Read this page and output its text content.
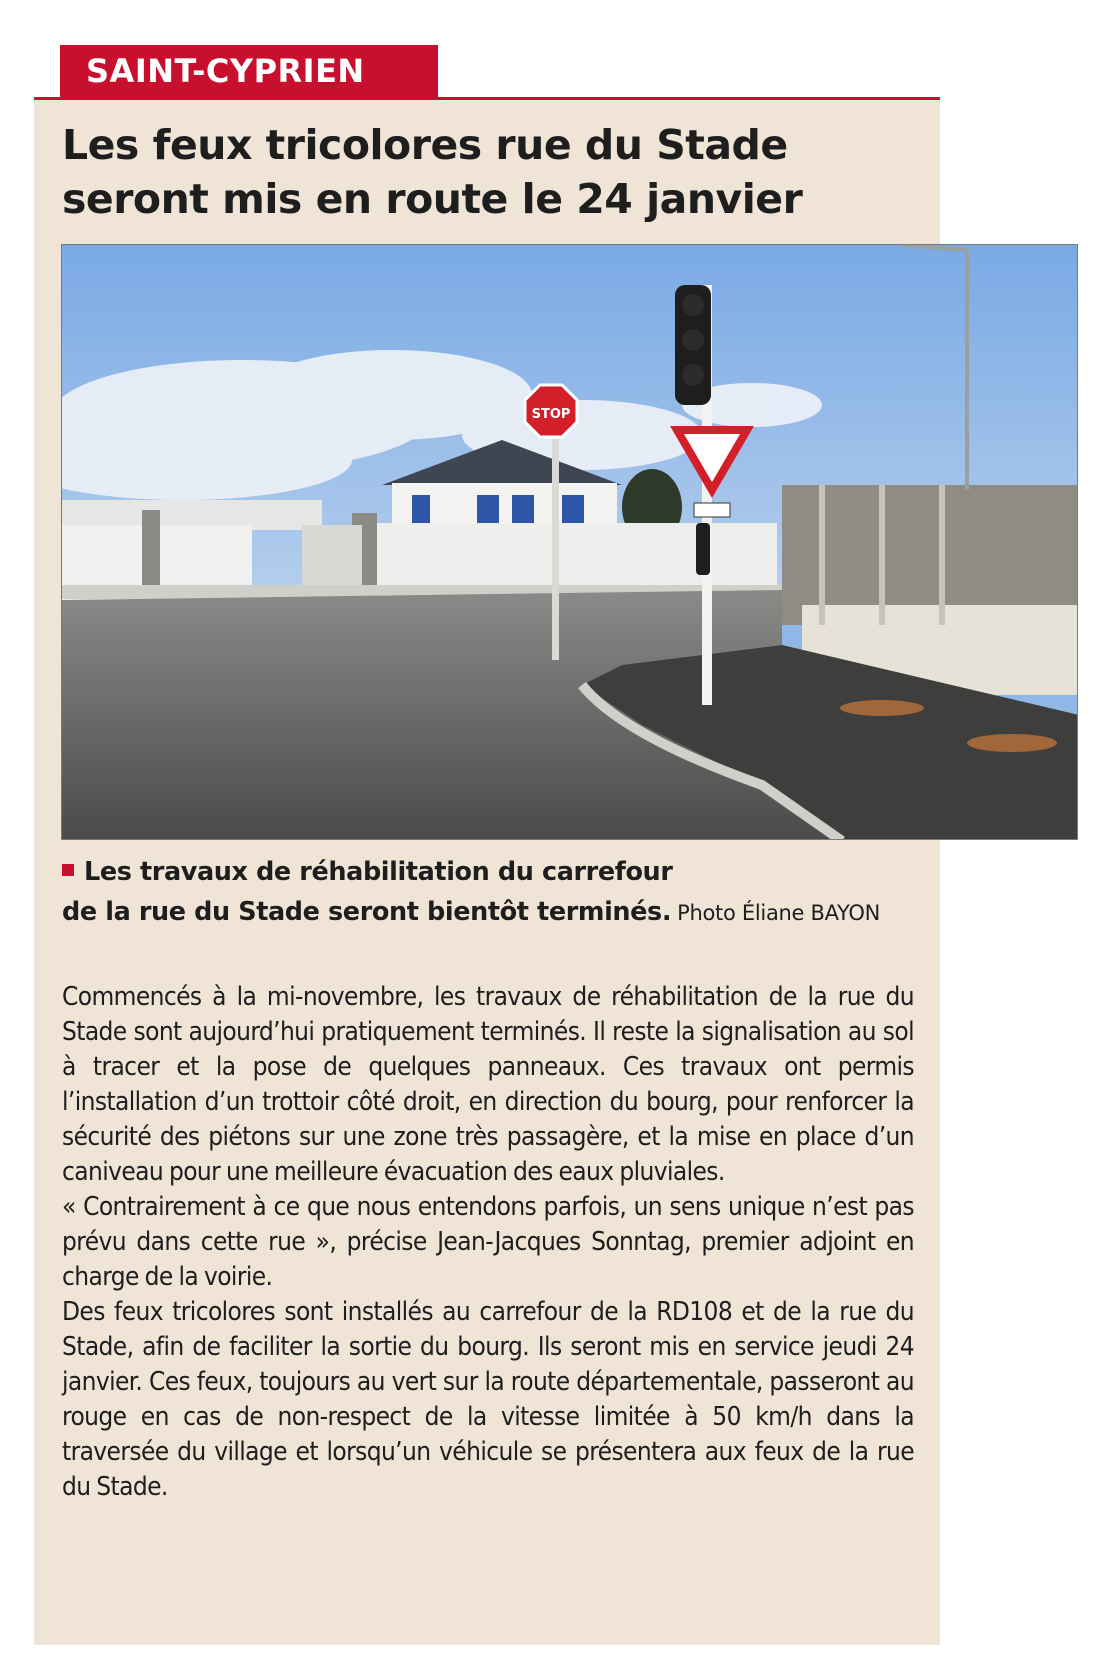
SAINT-CYPRIEN
Les feux tricolores rue du Stade
seront mis en route le 24 janvier
STOP
Les travaux de réhabilitation du carrefour
de la rue du Stade seront bientôt terminés. Photo Éliane BAYON

Commencés à la mi-novembre, les travaux de réhabilitation de la rue du Stade sont aujourd’hui pratiquement terminés. Il reste la signalisation au sol à tracer et la pose de quelques panneaux. Ces travaux ont permis l’installation d’un trottoir côté droit, en direction du bourg, pour renforcer la sécurité des piétons sur une zone très passagère, et la mise en place d’un caniveau pour une meilleure évacuation des eaux pluviales.

« Contrairement à ce que nous entendons parfois, un sens unique n’est pas prévu dans cette rue », précise Jean-Jacques Sonntag, premier adjoint en charge de la voirie.

Des feux tricolores sont installés au carrefour de la RD108 et de la rue du Stade, afin de faciliter la sortie du bourg. Ils seront mis en service jeudi 24 janvier. Ces feux, toujours au vert sur la route départementale, passeront au rouge en cas de non-respect de la vitesse limitée à 50 km/h dans la traversée du village et lorsqu’un véhicule se présentera aux feux de la rue du Stade.
